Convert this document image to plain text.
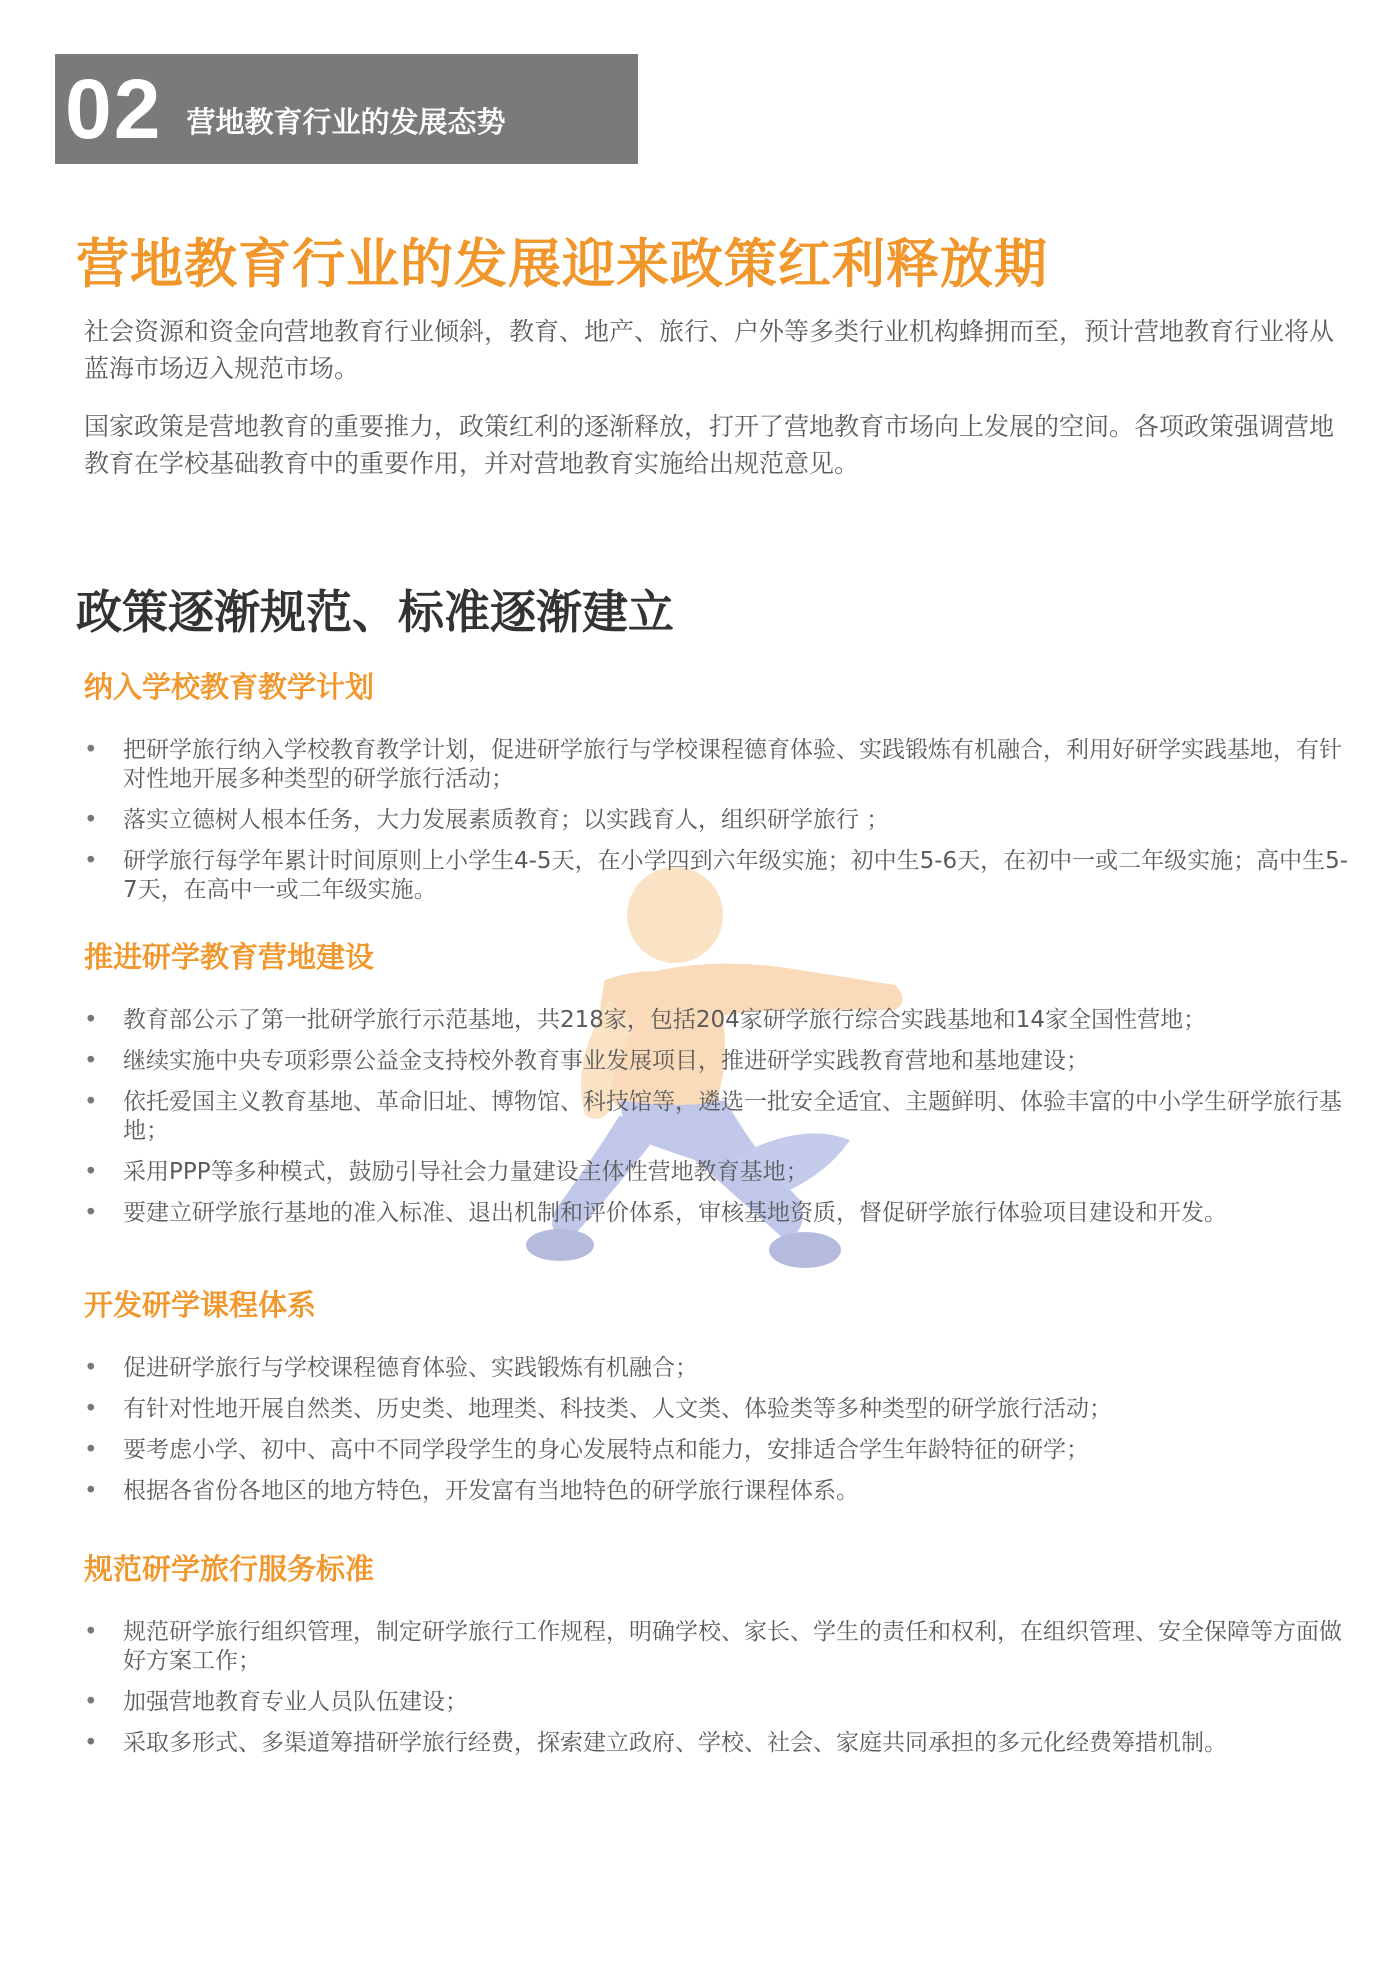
02 营地教育行业的发展态势
营地教育行业的发展迎来政策红利释放期

社会资源和资金向营地教育行业倾斜，教育、地产、旅行、户外等多类行业机构蜂拥而至，预计营地教育行业将从蓝海市场迈入规范市场。

国家政策是营地教育的重要推力，政策红利的逐渐释放，打开了营地教育市场向上发展的空间。各项政策强调营地教育在学校基础教育中的重要作用，并对营地教育实施给出规范意见。

政策逐渐规范、标准逐渐建立
纳入学校教育教学计划
• 把研学旅行纳入学校教育教学计划，促进研学旅行与学校课程德育体验、实践锻炼有机融合，利用好研学实践基地，有针对性地开展多种类型的研学旅行活动；
• 落实立德树人根本任务，大力发展素质教育；以实践育人，组织研学旅行 ；
• 研学旅行每学年累计时间原则上小学生4-5天，在小学四到六年级实施；初中生5-6天，在初中一或二年级实施；高中生5-7天，在高中一或二年级实施。
推进研学教育营地建设
• 教育部公示了第一批研学旅行示范基地，共218家，包括204家研学旅行综合实践基地和14家全国性营地；
• 继续实施中央专项彩票公益金支持校外教育事业发展项目，推进研学实践教育营地和基地建设；
• 依托爱国主义教育基地、革命旧址、博物馆、科技馆等，遴选一批安全适宜、主题鲜明、体验丰富的中小学生研学旅行基地；
• 采用PPP等多种模式，鼓励引导社会力量建设主体性营地教育基地；
• 要建立研学旅行基地的准入标准、退出机制和评价体系，审核基地资质，督促研学旅行体验项目建设和开发。
开发研学课程体系
• 促进研学旅行与学校课程德育体验、实践锻炼有机融合；
• 有针对性地开展自然类、历史类、地理类、科技类、人文类、体验类等多种类型的研学旅行活动；
• 要考虑小学、初中、高中不同学段学生的身心发展特点和能力，安排适合学生年龄特征的研学；
• 根据各省份各地区的地方特色，开发富有当地特色的研学旅行课程体系。
规范研学旅行服务标准
• 规范研学旅行组织管理，制定研学旅行工作规程，明确学校、家长、学生的责任和权利，在组织管理、安全保障等方面做好方案工作；
• 加强营地教育专业人员队伍建设；
• 采取多形式、多渠道筹措研学旅行经费，探索建立政府、学校、社会、家庭共同承担的多元化经费筹措机制。
